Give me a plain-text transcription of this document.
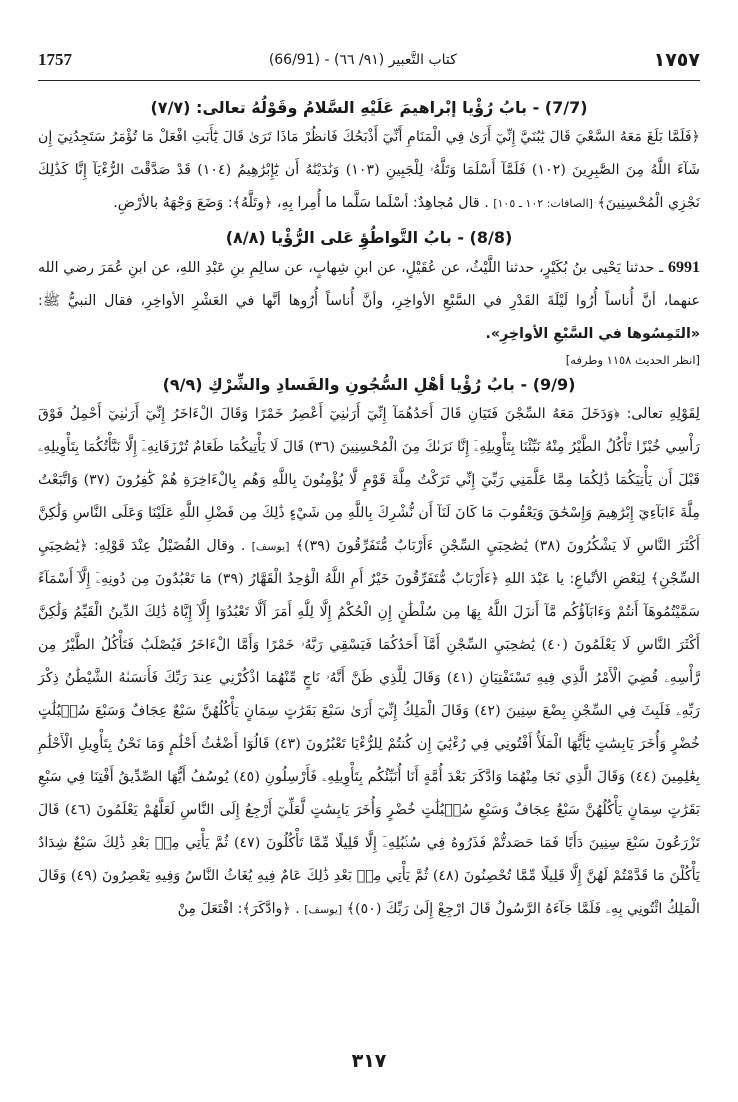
1757	(66/91) - كتاب التَّعبير (٩١/ ٦٦)	١٧٥٧
(7/7) - بابُ رُؤْيا إبْراهيمَ عَلَيْهِ السَّلامُ وقَوْلُهُ تعالى: (٧/٧)

﴿فَلَمَّا بَلَغَ مَعَهُ السَّعْيَ قَالَ يَٰبُنَيَّ إِنِّيٓ أَرَىٰ فِي الْمَنَامِ أَنِّيٓ أَذْبَحُكَ فَانظُرْ مَاذَا تَرَىٰ قَالَ يَٰٓأَبَتِ افْعَلْ مَا تُؤْمَرُ سَتَجِدُنِيٓ إِن شَآءَ اللَّهُ مِنَ الصَّٰبِرِينَ (١٠٢) فَلَمَّآ أَسْلَمَا وَتَلَّهُۥ لِلْجَبِينِ (١٠٣) وَنَٰدَيْنَٰهُ أَن يَٰٓإِبْرَٰهِيمُ (١٠٤) قَدْ صَدَّقْتَ الرُّءْيَآ إِنَّا كَذَٰلِكَ نَجْزِي الْمُحْسِنِينَ﴾ [الصافات: ١٠٢ ـ ١٠٥] . قال مُجاهِدٌ: أسْلَما سَلَّما ما أُمِرا بِهِ، ﴿وتَلَّهُ﴾: وَضَعَ وَجْهَهُ بالأرْضِ.

(8/8) - بابُ التَّواطُؤِ عَلى الرُّؤْيا (٨/٨)

6991 ـ حدثنا يَحْيى بنُ بُكَيْرٍ، حدثنا اللَّيْثُ، عن عُقَيْلٍ، عن ابنِ شِهابٍ، عن سالِمِ بنِ عَبْدِ اللهِ، عن ابنِ عُمَرَ رضي الله عنهما، أنَّ أُناساً أُرُوا لَيْلَةَ القَدْرِ في السَّبْعِ الأواخِرِ، وأنَّ أُناساً أُرُوها أنَّها في العَشْرِ الأواخِرِ، فقال النبيُّ ﷺ: «التَمِسُوها في السَّبْعِ الأواخِرِ».

[انظر الحديث ١١٥٨ وطرفه]
(9/9) - بابُ رُؤْيا أهْلِ السُّجُونِ والفَسادِ والشِّرْكِ (٩/٩)

لِقَوْلِهِ تعالى: ﴿وَدَخَلَ مَعَهُ السِّجْنَ فَتَيَانِ قَالَ أَحَدُهُمَآ إِنِّيٓ أَرَىٰنِيٓ أَعْصِرُ خَمْرًا وَقَالَ الْءَاخَرُ إِنِّيٓ أَرَىٰنِيٓ أَحْمِلُ فَوْقَ رَأْسِي خُبْزًا تَأْكُلُ الطَّيْرُ مِنْهُ نَبِّئْنَا بِتَأْوِيلِهِۦٓ إِنَّا نَرَىٰكَ مِنَ الْمُحْسِنِينَ (٣٦) قَالَ لَا يَأْتِيكُمَا طَعَامٌ تُرْزَقَانِهِۦٓ إِلَّا نَبَّأْتُكُمَا بِتَأْوِيلِهِۦ قَبْلَ أَن يَأْتِيَكُمَا ذَٰلِكُمَا مِمَّا عَلَّمَنِي رَبِّيٓ إِنِّي تَرَكْتُ مِلَّةَ قَوْمٍ لَّا يُؤْمِنُونَ بِاللَّهِ وَهُم بِالْءَاخِرَةِ هُمْ كَٰفِرُونَ (٣٧) وَاتَّبَعْتُ مِلَّةَ ءَابَآءِيٓ إِبْرَٰهِيمَ وَإِسْحَٰقَ وَيَعْقُوبَ مَا كَانَ لَنَآ أَن نُّشْرِكَ بِاللَّهِ مِن شَيْءٍ ذَٰلِكَ مِن فَضْلِ اللَّهِ عَلَيْنَا وَعَلَى النَّاسِ وَلَٰكِنَّ أَكْثَرَ النَّاسِ لَا يَشْكُرُونَ (٣٨) يَٰصَٰحِبَيِ السِّجْنِ ءَأَرْبَابٌ مُّتَفَرِّقُونَ (٣٩)﴾ [يوسف] . وقال الفُضَيْلُ عِنْدَ قَوْلِهِ: ﴿يَٰصَٰحِبَيِ السِّجْنِ﴾ لِبَعْضِ الأتْباعِ: يا عَبْدَ اللهِ ﴿ءَأَرْبَابٌ مُّتَفَرِّقُونَ خَيْرٌ أَمِ اللَّهُ الْوَٰحِدُ الْقَهَّارُ (٣٩) مَا تَعْبُدُونَ مِن دُونِهِۦٓ إِلَّآ أَسْمَآءً سَمَّيْتُمُوهَآ أَنتُمْ وَءَابَآؤُكُم مَّآ أَنزَلَ اللَّهُ بِهَا مِن سُلْطَٰنٍ إِنِ الْحُكْمُ إِلَّا لِلَّهِ أَمَرَ أَلَّا تَعْبُدُوٓا إِلَّآ إِيَّاهُ ذَٰلِكَ الدِّينُ الْقَيِّمُ وَلَٰكِنَّ أَكْثَرَ النَّاسِ لَا يَعْلَمُونَ (٤٠) يَٰصَٰحِبَيِ السِّجْنِ أَمَّآ أَحَدُكُمَا فَيَسْقِي رَبَّهُۥ خَمْرًا وَأَمَّا الْءَاخَرُ فَيُصْلَبُ فَتَأْكُلُ الطَّيْرُ مِن رَّأْسِهِۦ قُضِيَ الْأَمْرُ الَّذِي فِيهِ تَسْتَفْتِيَانِ (٤١) وَقَالَ لِلَّذِي ظَنَّ أَنَّهُۥ نَاجٍ مِّنْهُمَا اذْكُرْنِي عِندَ رَبِّكَ فَأَنسَىٰهُ الشَّيْطَٰنُ ذِكْرَ رَبِّهِۦ فَلَبِثَ فِي السِّجْنِ بِضْعَ سِنِينَ (٤٢) وَقَالَ الْمَلِكُ إِنِّيٓ أَرَىٰ سَبْعَ بَقَرَٰتٍ سِمَانٍ يَأْكُلُهُنَّ سَبْعٌ عِجَافٌ وَسَبْعَ سُنۢبُلَٰتٍ خُضْرٍ وَأُخَرَ يَابِسَٰتٍ يَٰٓأَيُّهَا الْمَلَأُ أَفْتُونِي فِي رُءْيَٰيَ إِن كُنتُمْ لِلرُّءْيَا تَعْبُرُونَ (٤٣) قَالُوٓا أَضْغَٰثُ أَحْلَٰمٍ وَمَا نَحْنُ بِتَأْوِيلِ الْأَحْلَٰمِ بِعَٰلِمِينَ (٤٤) وَقَالَ الَّذِي نَجَا مِنْهُمَا وَادَّكَرَ بَعْدَ أُمَّةٍ أَنَا أُنَبِّئُكُم بِتَأْوِيلِهِۦ فَأَرْسِلُونِ (٤٥) يُوسُفُ أَيُّهَا الصِّدِّيقُ أَفْتِنَا فِي سَبْعِ بَقَرَٰتٍ سِمَانٍ يَأْكُلُهُنَّ سَبْعٌ عِجَافٌ وَسَبْعِ سُنۢبُلَٰتٍ خُضْرٍ وَأُخَرَ يَابِسَٰتٍ لَّعَلِّيٓ أَرْجِعُ إِلَى النَّاسِ لَعَلَّهُمْ يَعْلَمُونَ (٤٦) قَالَ تَزْرَعُونَ سَبْعَ سِنِينَ دَأَبًا فَمَا حَصَدتُّمْ فَذَرُوهُ فِي سُنۢبُلِهِۦٓ إِلَّا قَلِيلًا مِّمَّا تَأْكُلُونَ (٤٧) ثُمَّ يَأْتِي مِنۢ بَعْدِ ذَٰلِكَ سَبْعٌ شِدَادٌ يَأْكُلْنَ مَا قَدَّمْتُمْ لَهُنَّ إِلَّا قَلِيلًا مِّمَّا تُحْصِنُونَ (٤٨) ثُمَّ يَأْتِي مِنۢ بَعْدِ ذَٰلِكَ عَامٌ فِيهِ يُغَاثُ النَّاسُ وَفِيهِ يَعْصِرُونَ (٤٩) وَقَالَ الْمَلِكُ ائْتُونِي بِهِۦ فَلَمَّا جَآءَهُ الرَّسُولُ قَالَ ارْجِعْ إِلَىٰ رَبِّكَ (٥٠)﴾ [يوسف] . ﴿وادَّكَرَ﴾: افْتَعَلَ مِنْ

٣١٧
